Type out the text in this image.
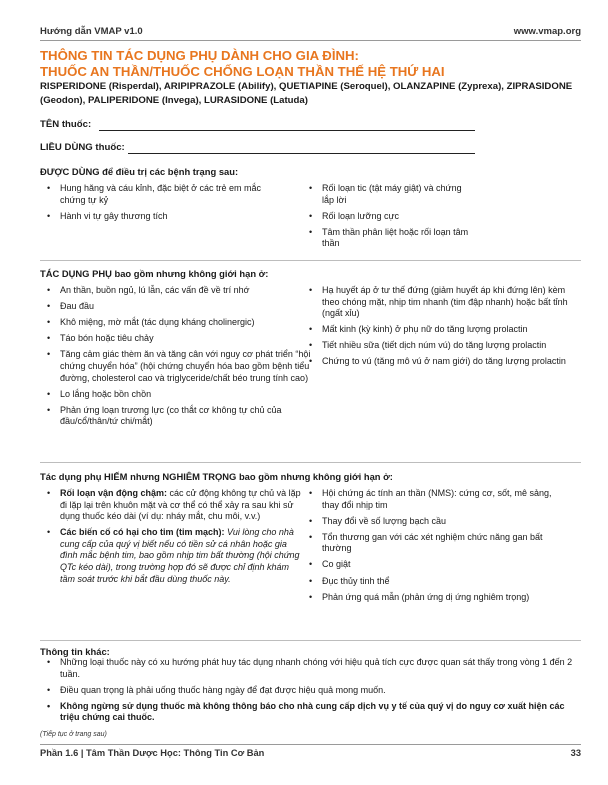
Hướng dẫn VMAP v1.0	www.vmap.org
THÔNG TIN TÁC DỤNG PHỤ DÀNH CHO GIA ĐÌNH:
THUỐC AN THẦN/THUỐC CHỐNG LOẠN THẦN THẾ HỆ THỨ HAI
RISPERIDONE (Risperdal), ARIPIPRAZOLE (Abilify), QUETIAPINE (Seroquel), OLANZAPINE (Zyprexa), ZIPRASIDONE (Geodon), PALIPERIDONE (Invega), LURASIDONE (Latuda)
TÊN thuốc:
LIỀU DÙNG thuốc:
ĐƯỢC DÙNG để điều trị các bệnh trạng sau:
• Hung hăng và cáu kỉnh, đặc biệt ở các trẻ em mắc chứng tự kỷ
• Hành vi tự gây thương tích
• Rối loạn tic (tật máy giật) và chứng lắp lời
• Rối loạn lưỡng cực
• Tâm thần phân liệt hoặc rối loạn tâm thần
TÁC DỤNG PHỤ bao gồm nhưng không giới hạn ở:
• An thần, buồn ngủ, lú lẫn, các vấn đề về trí nhớ
• Đau đầu
• Khô miệng, mờ mắt (tác dụng kháng cholinergic)
• Táo bón hoặc tiêu chảy
• Tăng cảm giác thèm ăn và tăng cân với nguy cơ phát triển “hội chứng chuyển hóa” (hội chứng chuyển hóa bao gồm bệnh tiểu đường, cholesterol cao và triglyceride/chất béo trung tính cao)
• Lo lắng hoặc bồn chồn
• Phản ứng loạn trương lực (co thắt cơ không tự chủ của đầu/cổ/thân/tứ chi/mắt)
• Hạ huyết áp ở tư thế đứng (giảm huyết áp khi đứng lên) kèm theo chóng mặt, nhịp tim nhanh (tim đập nhanh) hoặc bất tỉnh (ngất xỉu)
• Mất kinh (kỳ kinh) ở phụ nữ do tăng lượng prolactin
• Tiết nhiều sữa (tiết dịch núm vú) do tăng lượng prolactin
• Chứng to vú (tăng mô vú ở nam giới) do tăng lượng prolactin
Tác dụng phụ HIẾM nhưng NGHIÊM TRỌNG bao gồm nhưng không giới hạn ở:
• Rối loạn vận động chậm: các cử động không tự chủ và lặp đi lặp lại trên khuôn mặt và cơ thể có thể xảy ra sau khi sử dụng thuốc kéo dài (ví dụ: nháy mắt, chu môi, v.v.)
• Các biến cố có hại cho tim (tim mạch): Vui lòng cho nhà cung cấp của quý vị biết nếu có tiền sử cá nhân hoặc gia đình mắc bệnh tim, bao gồm nhịp tim bất thường (hội chứng QTc kéo dài), trong trường hợp đó sẽ được chỉ định khám tầm soát trước khi bắt đầu dùng thuốc này.
• Hội chứng ác tính an thần (NMS): cứng cơ, sốt, mê sảng, thay đổi nhịp tim
• Thay đổi về số lượng bạch cầu
• Tổn thương gan với các xét nghiệm chức năng gan bất thường
• Co giật
• Đục thủy tinh thể
• Phản ứng quá mẫn (phản ứng dị ứng nghiêm trọng)
Thông tin khác:
• Những loại thuốc này có xu hướng phát huy tác dụng nhanh chóng với hiệu quả tích cực được quan sát thấy trong vòng 1 đến 2 tuần.
• Điều quan trọng là phải uống thuốc hàng ngày để đạt được hiệu quả mong muốn.
• Không ngừng sử dụng thuốc mà không thông báo cho nhà cung cấp dịch vụ y tế của quý vị do nguy cơ xuất hiện các triệu chứng cai thuốc.
(Tiếp tục ở trang sau)
Phần 1.6 | Tâm Thần Dược Học: Thông Tin Cơ Bản	33
